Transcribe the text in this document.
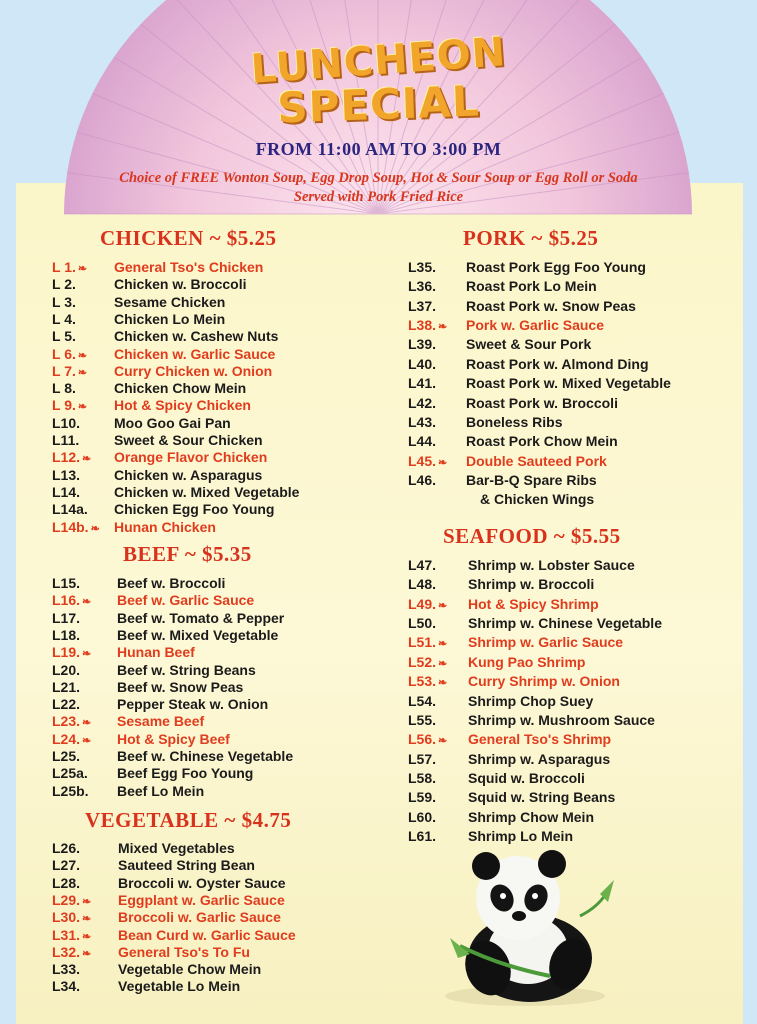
LUNCHEON
SPECIAL

FROM 11:00 AM TO 3:00 PM

Choice of FREE Wonton Soup, Egg Drop Soup, Hot & Sour Soup or Egg Roll or Soda

Served with Pork Fried Rice

CHICKEN ~ $5.25
BEEF ~ $5.35
VEGETABLE ~ $4.75
PORK ~ $5.25
SEAFOOD ~ $5.55
L 1. ❧ General Tso's Chicken
L 2.	Chicken w. Broccoli
L 3.	Sesame Chicken
L 4.	Chicken Lo Mein
L 5.	Chicken w. Cashew Nuts
L 6. ❧ Chicken w. Garlic Sauce
L 7. ❧ Curry Chicken w. Onion
L 8.	Chicken Chow Mein
L 9. ❧ Hot & Spicy Chicken
L10. Moo Goo Gai Pan
L11. Sweet & Sour Chicken
L12. ❧ Orange Flavor Chicken
L13. Chicken w. Asparagus
L14. Chicken w. Mixed Vegetable
L14a. Chicken Egg Foo Young
L14b. ❧ Hunan Chicken
L15.	Beef w. Broccoli
L16. ❧ Beef w. Garlic Sauce
L17.	Beef w. Tomato & Pepper
L18.	Beef w. Mixed Vegetable
L19. ❧ Hunan Beef
L20.	Beef w. String Beans
L21.	Beef w. Snow Peas
L22.	Pepper Steak w. Onion
L23. ❧ Sesame Beef
L24. ❧ Hot & Spicy Beef
L25.	Beef w. Chinese Vegetable
L25a. Beef Egg Foo Young
L25b. Beef Lo Mein
L26.	Mixed Vegetables
L27.	Sauteed String Bean
L28.	Broccoli w. Oyster Sauce
L29. ❧ Eggplant w. Garlic Sauce
L30. ❧ Broccoli w. Garlic Sauce
L31. ❧ Bean Curd w. Garlic Sauce
L32. ❧ General Tso's To Fu
L33.	Vegetable Chow Mein
L34.	Vegetable Lo Mein
L35. Roast Pork Egg Foo Young
L36. Roast Pork Lo Mein
L37. Roast Pork w. Snow Peas
L38. ❧ Pork w. Garlic Sauce
L39. Sweet & Sour Pork
L40. Roast Pork w. Almond Ding
L41. Roast Pork w. Mixed Vegetable
L42. Roast Pork w. Broccoli
L43. Boneless Ribs
L44. Roast Pork Chow Mein
L45. ❧ Double Sauteed Pork
L46. Bar-B-Q Spare Ribs
& Chicken Wings
L47. Shrimp w. Lobster Sauce
L48. Shrimp w. Broccoli
L49. ❧ Hot & Spicy Shrimp
L50. Shrimp w. Chinese Vegetable
L51. ❧ Shrimp w. Garlic Sauce
L52. ❧ Kung Pao Shrimp
L53. ❧ Curry Shrimp w. Onion
L54. Shrimp Chop Suey
L55. Shrimp w. Mushroom Sauce
L56. ❧ General Tso's Shrimp
L57. Shrimp w. Asparagus
L58. Squid w. Broccoli
L59. Squid w. String Beans
L60. Shrimp Chow Mein
L61. Shrimp Lo Mein
